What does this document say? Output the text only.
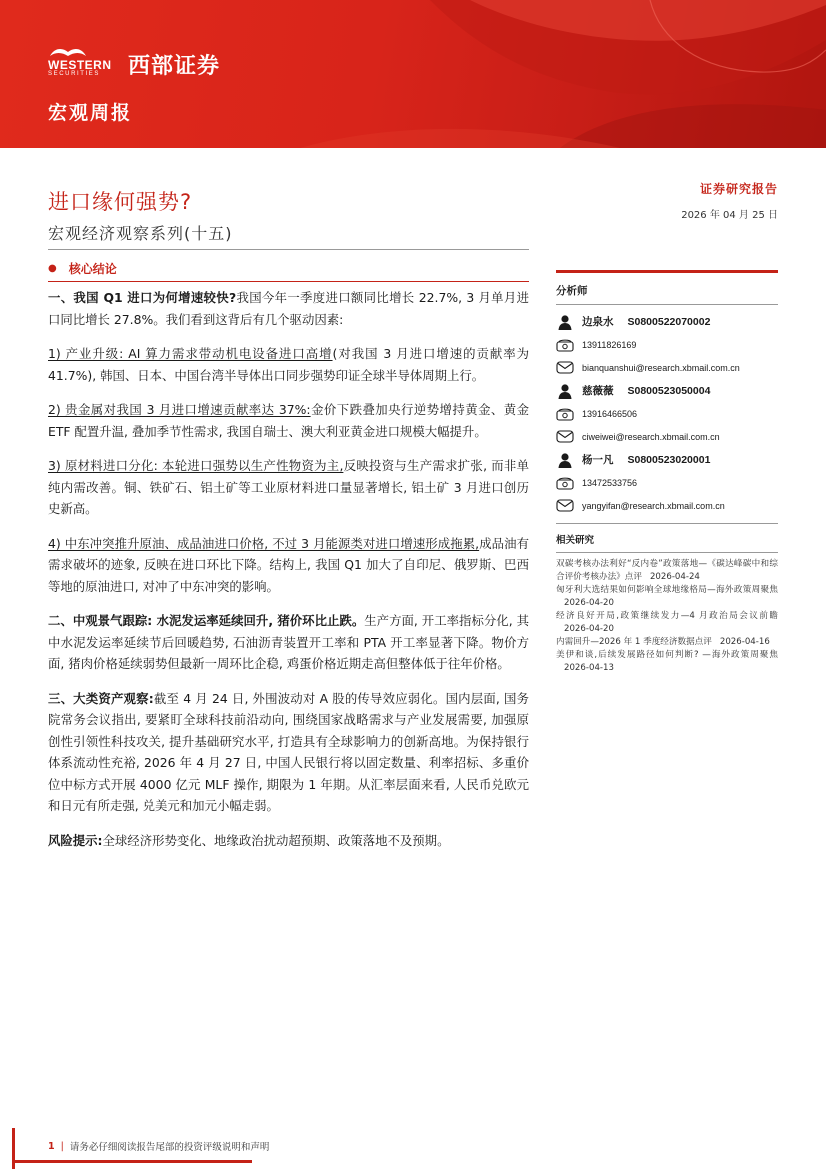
WESTERN
SECURITIES	西部证券
宏观周报
进口缘何强势?
宏观经济观察系列(十五)
证券研究报告
2026 年 04 月 25 日
● 核心结论

一、我国 Q1 进口为何增速较快?我国今年一季度进口额同比增长 22.7%, 3 月单月进口同比增长 27.8%。我们看到这背后有几个驱动因素:

1) 产业升级: AI 算力需求带动机电设备进口高增(对我国 3 月进口增速的贡献率为 41.7%), 韩国、日本、中国台湾半导体出口同步强势印证全球半导体周期上行。

2) 贵金属对我国 3 月进口增速贡献率达 37%:金价下跌叠加央行逆势增持黄金、黄金 ETF 配置升温, 叠加季节性需求, 我国自瑞士、澳大利亚黄金进口规模大幅提升。

3) 原材料进口分化: 本轮进口强势以生产性物资为主,反映投资与生产需求扩张, 而非单纯内需改善。铜、铁矿石、铝土矿等工业原材料进口量显著增长, 铝土矿 3 月进口创历史新高。

4) 中东冲突推升原油、成品油进口价格, 不过 3 月能源类对进口增速形成拖累,成品油有需求破坏的迹象, 反映在进口环比下降。结构上, 我国 Q1 加大了自印尼、俄罗斯、巴西等地的原油进口, 对冲了中东冲突的影响。

二、中观景气跟踪: 水泥发运率延续回升, 猪价环比止跌。生产方面, 开工率指标分化, 其中水泥发运率延续节后回暖趋势, 石油沥青装置开工率和 PTA 开工率显著下降。物价方面, 猪肉价格延续弱势但最新一周环比企稳, 鸡蛋价格近期走高但整体低于往年价格。

三、大类资产观察:截至 4 月 24 日, 外围波动对 A 股的传导效应弱化。国内层面, 国务院常务会议指出, 要紧盯全球科技前沿动向, 围绕国家战略需求与产业发展需要, 加强原创性引领性科技攻关, 提升基础研究水平, 打造具有全球影响力的创新高地。为保持银行体系流动性充裕, 2026 年 4 月 27 日, 中国人民银行将以固定数量、利率招标、多重价位中标方式开展 4000 亿元 MLF 操作, 期限为 1 年期。从汇率层面来看, 人民币兑欧元和日元有所走强, 兑美元和加元小幅走弱。

风险提示:全球经济形势变化、地缘政治扰动超预期、政策落地不及预期。

分析师
边泉水 S0800522070002
13911826169
bianquanshui@research.xbmail.com.cn
慈薇薇 S0800523050004
13916466506
ciweiwei@research.xbmail.com.cn
杨一凡 S0800523020001
13472533756
yangyifan@research.xbmail.com.cn
相关研究
双碳考核办法利好“反内卷”政策落地—《碳达峰碳中和综合评价考核办法》点评 2026-04-24
匈牙利大选结果如何影响全球地缘格局—海外政策周聚焦2026-04-20
经济良好开局,政策继续发力—4 月政治局会议前瞻2026-04-20
内需回升—2026 年 1 季度经济数据点评 2026-04-16
美伊和谈,后续发展路径如何判断? —海外政策周聚焦2026-04-13
1 | 请务必仔细阅读报告尾部的投资评级说明和声明
